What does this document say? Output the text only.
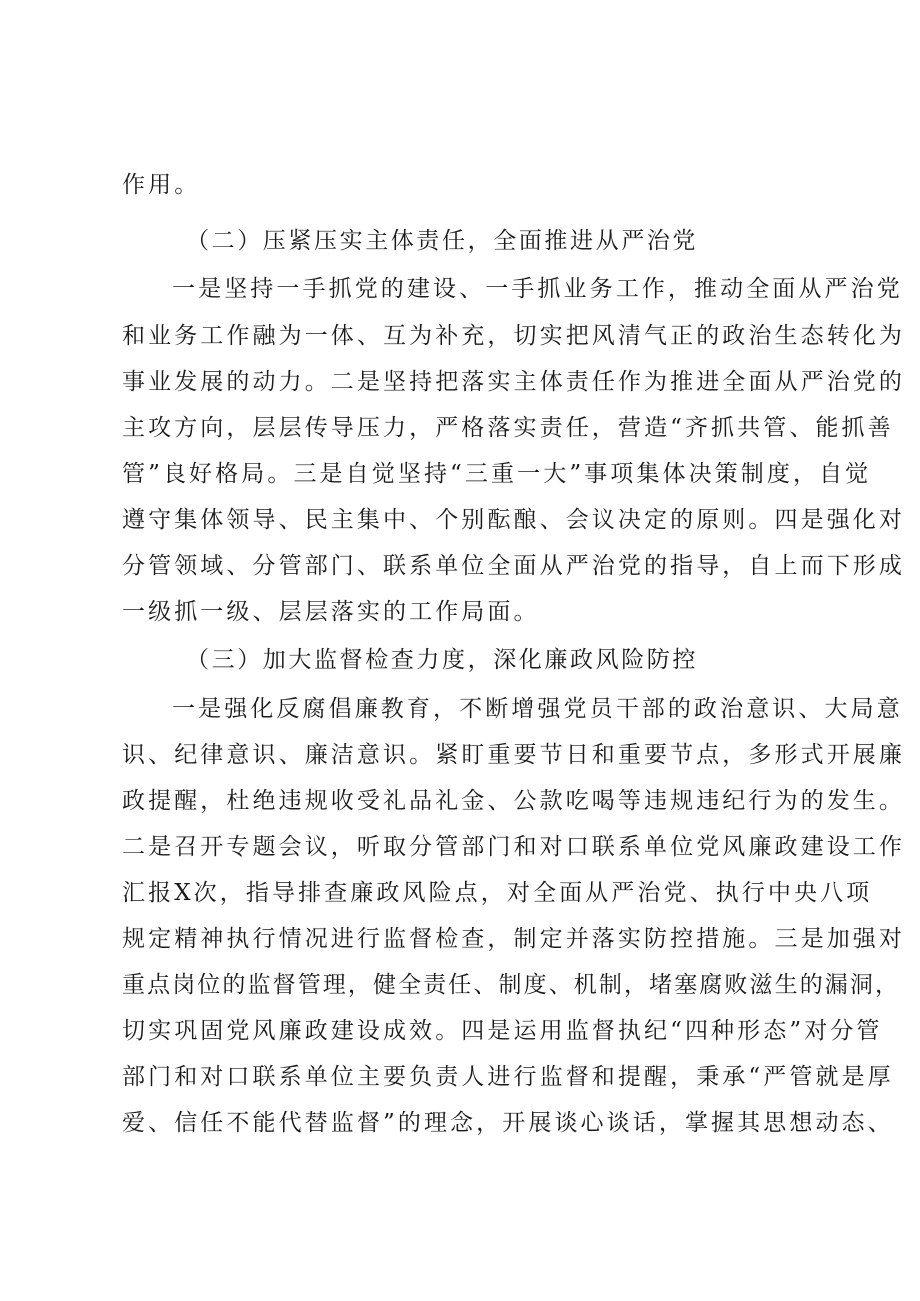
作用。
（二）压紧压实主体责任，全面推进从严治党
一是坚持一手抓党的建设、一手抓业务工作，推动全面从严治党
和业务工作融为一体、互为补充，切实把风清气正的政治生态转化为
事业发展的动力。二是坚持把落实主体责任作为推进全面从严治党的
主攻方向，层层传导压力，严格落实责任，营造“齐抓共管、能抓善
管”良好格局。三是自觉坚持“三重一大”事项集体决策制度，自觉
遵守集体领导、民主集中、个别酝酿、会议决定的原则。四是强化对
分管领域、分管部门、联系单位全面从严治党的指导，自上而下形成
一级抓一级、层层落实的工作局面。
（三）加大监督检查力度，深化廉政风险防控
一是强化反腐倡廉教育，不断增强党员干部的政治意识、大局意
识、纪律意识、廉洁意识。紧盯重要节日和重要节点，多形式开展廉
政提醒，杜绝违规收受礼品礼金、公款吃喝等违规违纪行为的发生。
二是召开专题会议，听取分管部门和对口联系单位党风廉政建设工作
汇报X次，指导排查廉政风险点，对全面从严治党、执行中央八项
规定精神执行情况进行监督检查，制定并落实防控措施。三是加强对
重点岗位的监督管理，健全责任、制度、机制，堵塞腐败滋生的漏洞，
切实巩固党风廉政建设成效。四是运用监督执纪“四种形态”对分管
部门和对口联系单位主要负责人进行监督和提醒，秉承“严管就是厚
爱、信任不能代替监督”的理念，开展谈心谈话，掌握其思想动态、
